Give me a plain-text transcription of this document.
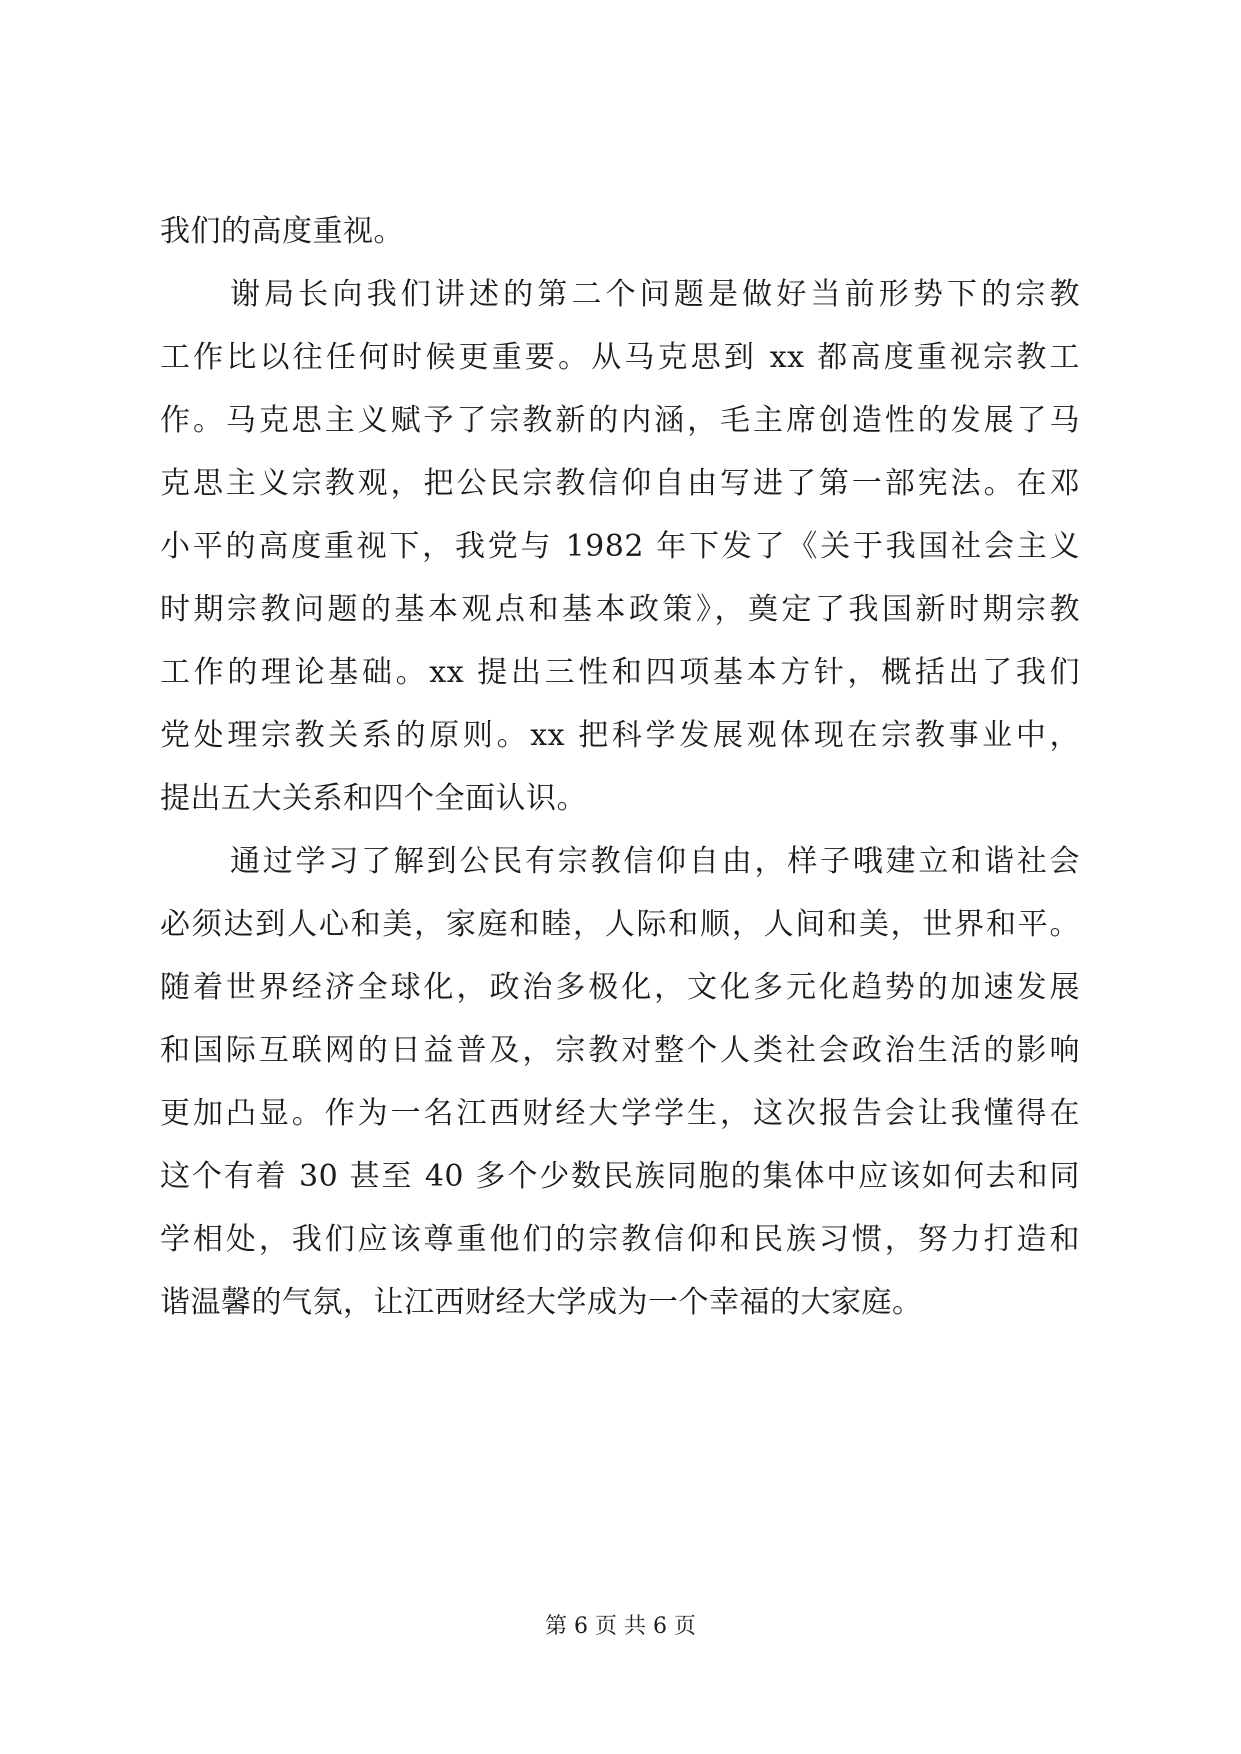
我们的高度重视。
谢局长向我们讲述的第二个问题是做好当前形势下的宗教
工作比以往任何时候更重要。从马克思到 xx 都高度重视宗教工
作。马克思主义赋予了宗教新的内涵，毛主席创造性的发展了马
克思主义宗教观，把公民宗教信仰自由写进了第一部宪法。在邓
小平的高度重视下，我党与 1982 年下发了《关于我国社会主义
时期宗教问题的基本观点和基本政策》，奠定了我国新时期宗教
工作的理论基础。xx 提出三性和四项基本方针，概括出了我们
党处理宗教关系的原则。xx 把科学发展观体现在宗教事业中，
提出五大关系和四个全面认识。
通过学习了解到公民有宗教信仰自由，样子哦建立和谐社会
必须达到人心和美，家庭和睦，人际和顺，人间和美，世界和平。
随着世界经济全球化，政治多极化，文化多元化趋势的加速发展
和国际互联网的日益普及，宗教对整个人类社会政治生活的影响
更加凸显。作为一名江西财经大学学生，这次报告会让我懂得在
这个有着 30 甚至 40 多个少数民族同胞的集体中应该如何去和同
学相处，我们应该尊重他们的宗教信仰和民族习惯，努力打造和
谐温馨的气氛，让江西财经大学成为一个幸福的大家庭。
第 6 页 共 6 页
